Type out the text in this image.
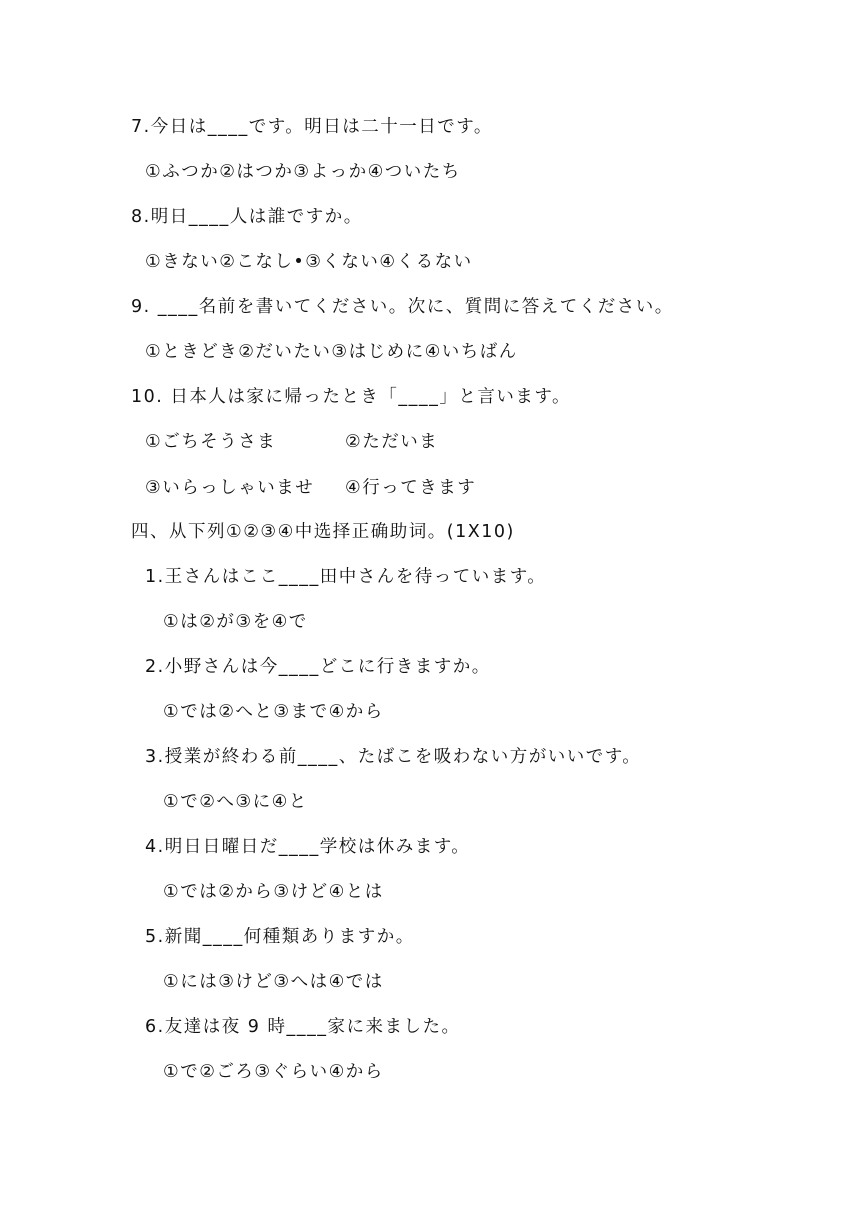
7.今日は____です。明日は二十一日です。
①ふつか②はつか③よっか④ついたち
8.明日____人は誰ですか。
①きない②こなし•③くない④くるない
9. ____名前を書いてください。次に、質問に答えてください。
①ときどき②だいたい③はじめに④いちばん
10. 日本人は家に帰ったとき「____」と言います。
①ごちそうさま	②ただいま
③いらっしゃいませ ④行ってきます
四、从下列①②③④中选择正确助词。(1X10)
1.王さんはここ____田中さんを待っています。
①は②が③を④で
2.小野さんは今____どこに行きますか。
①では②へと③まで④から
3.授業が終わる前____、たばこを吸わない方がいいです。
①で②へ③に④と
4.明日日曜日だ____学校は休みます。
①では②から③けど④とは
5.新聞____何種類ありますか。
①には③けど③へは④では
6.友達は夜 9 時____家に来ました。
①で②ごろ③ぐらい④から
